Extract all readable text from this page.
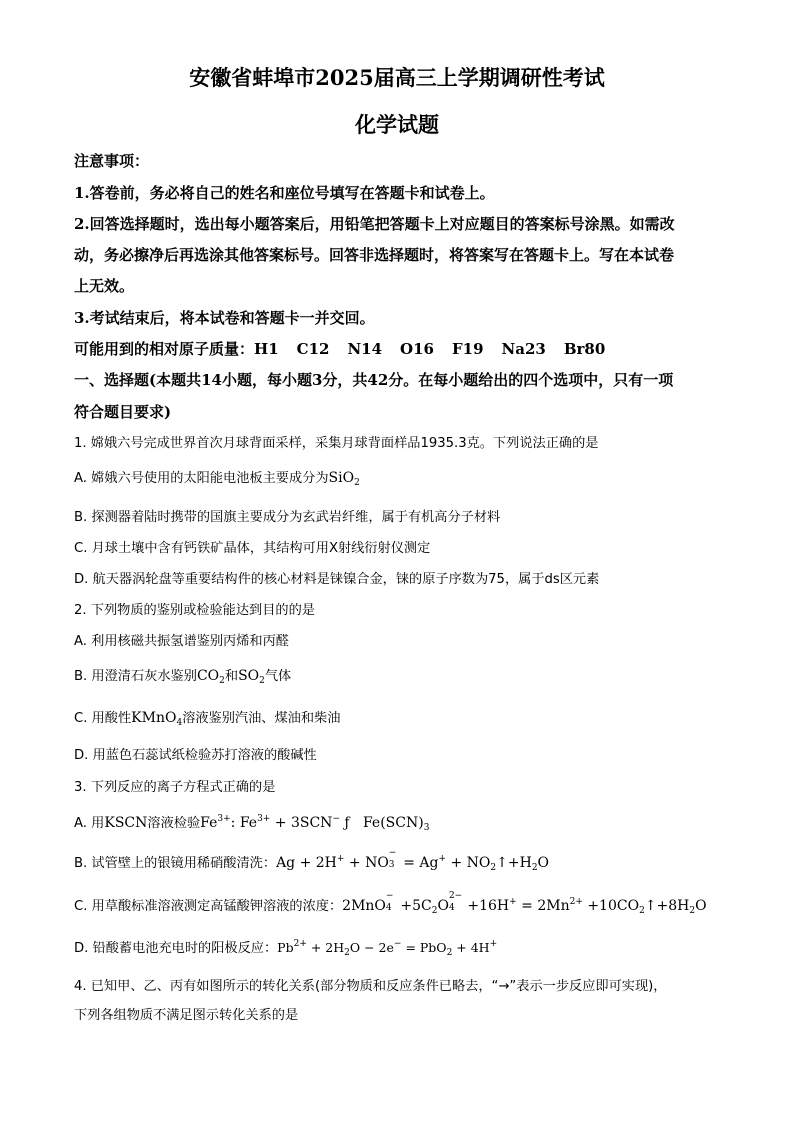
安徽省蚌埠市2025届高三上学期调研性考试
化学试题
注意事项：
1.答卷前，务必将自己的姓名和座位号填写在答题卡和试卷上。
2.回答选择题时，选出每小题答案后，用铅笔把答题卡上对应题目的答案标号涂黑。如需改
动，务必擦净后再选涂其他答案标号。回答非选择题时，将答案写在答题卡上。写在本试卷
上无效。
3.考试结束后，将本试卷和答题卡一并交回。
可能用到的相对原子质量：H1 C12 N14 O16 F19 Na23 Br80
一、选择题(本题共14小题，每小题3分，共42分。在每小题给出的四个选项中，只有一项
符合题目要求)
1. 嫦娥六号完成世界首次月球背面采样，采集月球背面样品1935.3克。下列说法正确的是
A. 嫦娥六号使用的太阳能电池板主要成分为SiO$_2$
B. 探测器着陆时携带的国旗主要成分为玄武岩纤维，属于有机高分子材料
C. 月球土壤中含有钙铁矿晶体，其结构可用X射线衍射仪测定
D. 航天器涡轮盘等重要结构件的核心材料是铼镍合金，铼的原子序数为75，属于ds区元素
2. 下列物质的鉴别或检验能达到目的的是
A. 利用核磁共振氢谱鉴别丙烯和丙醛
B. 用澄清石灰水鉴别$CO_2$和$SO_2$气体
C. 用酸性KMnO$_4$溶液鉴别汽油、煤油和柴油
D. 用蓝色石蕊试纸检验苏打溶液的酸碱性
3. 下列反应的离子方程式正确的是
A. 用KSCN溶液检验$Fe^{3+}$: $Fe^{3+} + 3SCN^-$ ƒ   $Fe(SCN)_3$
B. 试管壁上的银镜用稀硝酸清洗：Ag + 2H+ + NO
−
$3 = Ag^+ + NO_2↑+H_2O$
C. 用草酸标准溶液测定高锰酸钾溶液的浓度：2MnO
−
$4 +5C_2O$
2−
$4 +16H^+ = 2Mn^{2+}$ $+10CO_2↑+8H_2O$
D. 铅酸蓄电池充电时的阳极反应：$Pb^{2+} + 2H_2O - 2e^- = PbO_2 + 4H^+$
4. 已知甲、乙、丙有如图所示的转化关系(部分物质和反应条件已略去，“→”表示一步反应即可实现)，
下列各组物质不满足图示转化关系的是
